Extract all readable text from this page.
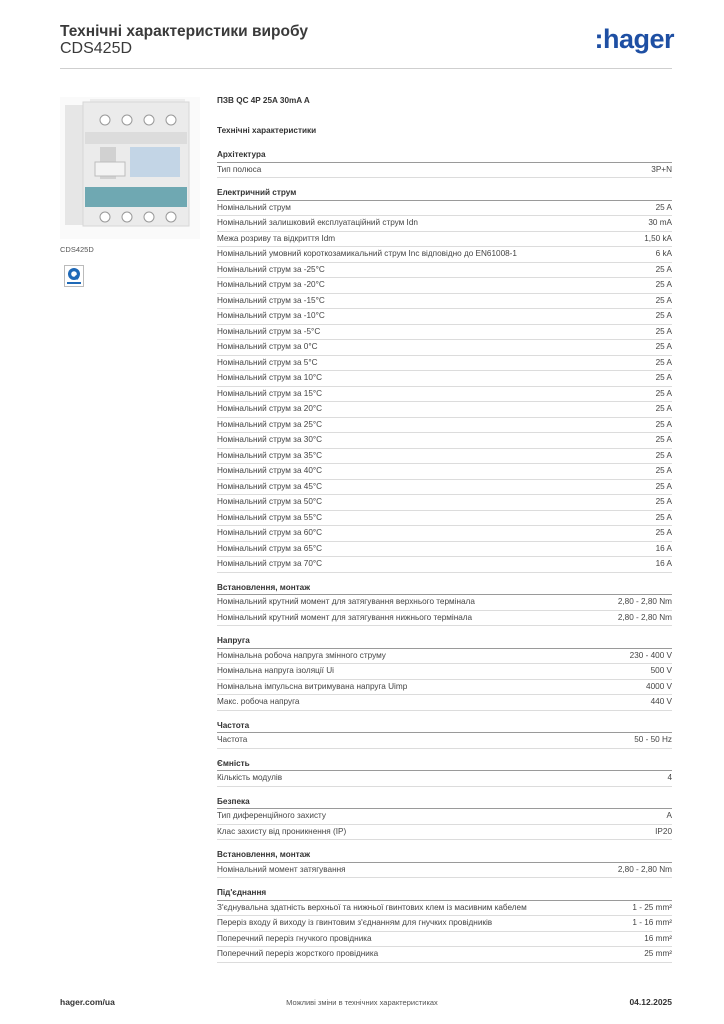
Технічні характеристики виробу
CDS425D	:hager
CDS425D
ПЗВ QC 4P 25A 30mA A
Технічні характеристики
Архітектура
Тип полюса	3P+N
Електричний струм
Номінальний струм	25 A
Номінальний залишковий експлуатаційний струм Idn	30 mA
Межа розриву та відкриття Idm	1,50 kA
Номінальний умовний короткозамикальний струм Inc відповідно до EN61008-1	6 kA
Номінальний струм за -25°C	25 A
Номінальний струм за -20°C	25 A
Номінальний струм за -15°C	25 A
Номінальний струм за -10°C	25 A
Номінальний струм за -5°C	25 A
Номінальний струм за 0°C	25 A
Номінальний струм за 5°C	25 A
Номінальний струм за 10°C	25 A
Номінальний струм за 15°C	25 A
Номінальний струм за 20°C	25 A
Номінальний струм за 25°C	25 A
Номінальний струм за 30°C	25 A
Номінальний струм за 35°C	25 A
Номінальний струм за 40°C	25 A
Номінальний струм за 45°C	25 A
Номінальний струм за 50°C	25 A
Номінальний струм за 55°C	25 A
Номінальний струм за 60°C	25 A
Номінальний струм за 65°C	16 A
Номінальний струм за 70°C	16 A
Встановлення, монтаж
Номінальний крутний момент для затягування верхнього термінала	2,80 - 2,80 Nm
Номінальний крутний момент для затягування нижнього термінала	2,80 - 2,80 Nm
Напруга
Номінальна робоча напруга змінного струму	230 - 400 V
Номінальна напруга ізоляції Ui	500 V
Номінальна імпульсна витримувана напруга Uimp	4000 V
Макс. робоча напруга	440 V
Частота
Частота	50 - 50 Hz
Ємність
Кількість модулів	4
Безпека
Тип диференційного захисту	A
Клас захисту від проникнення (IP)	IP20
Встановлення, монтаж
Номінальний момент затягування	2,80 - 2,80 Nm
Під'єднання
З'єднувальна здатність верхньої та нижньої гвинтових клем із масивним кабелем	1 - 25 mm²
Переріз входу й виходу із гвинтовим з'єднанням для гнучких провідників	1 - 16 mm²
Поперечний переріз гнучкого провідника	16 mm²
Поперечний переріз жорсткого провідника	25 mm²
hager.com/ua	Можливі зміни в технічних характеристиках	04.12.2025
